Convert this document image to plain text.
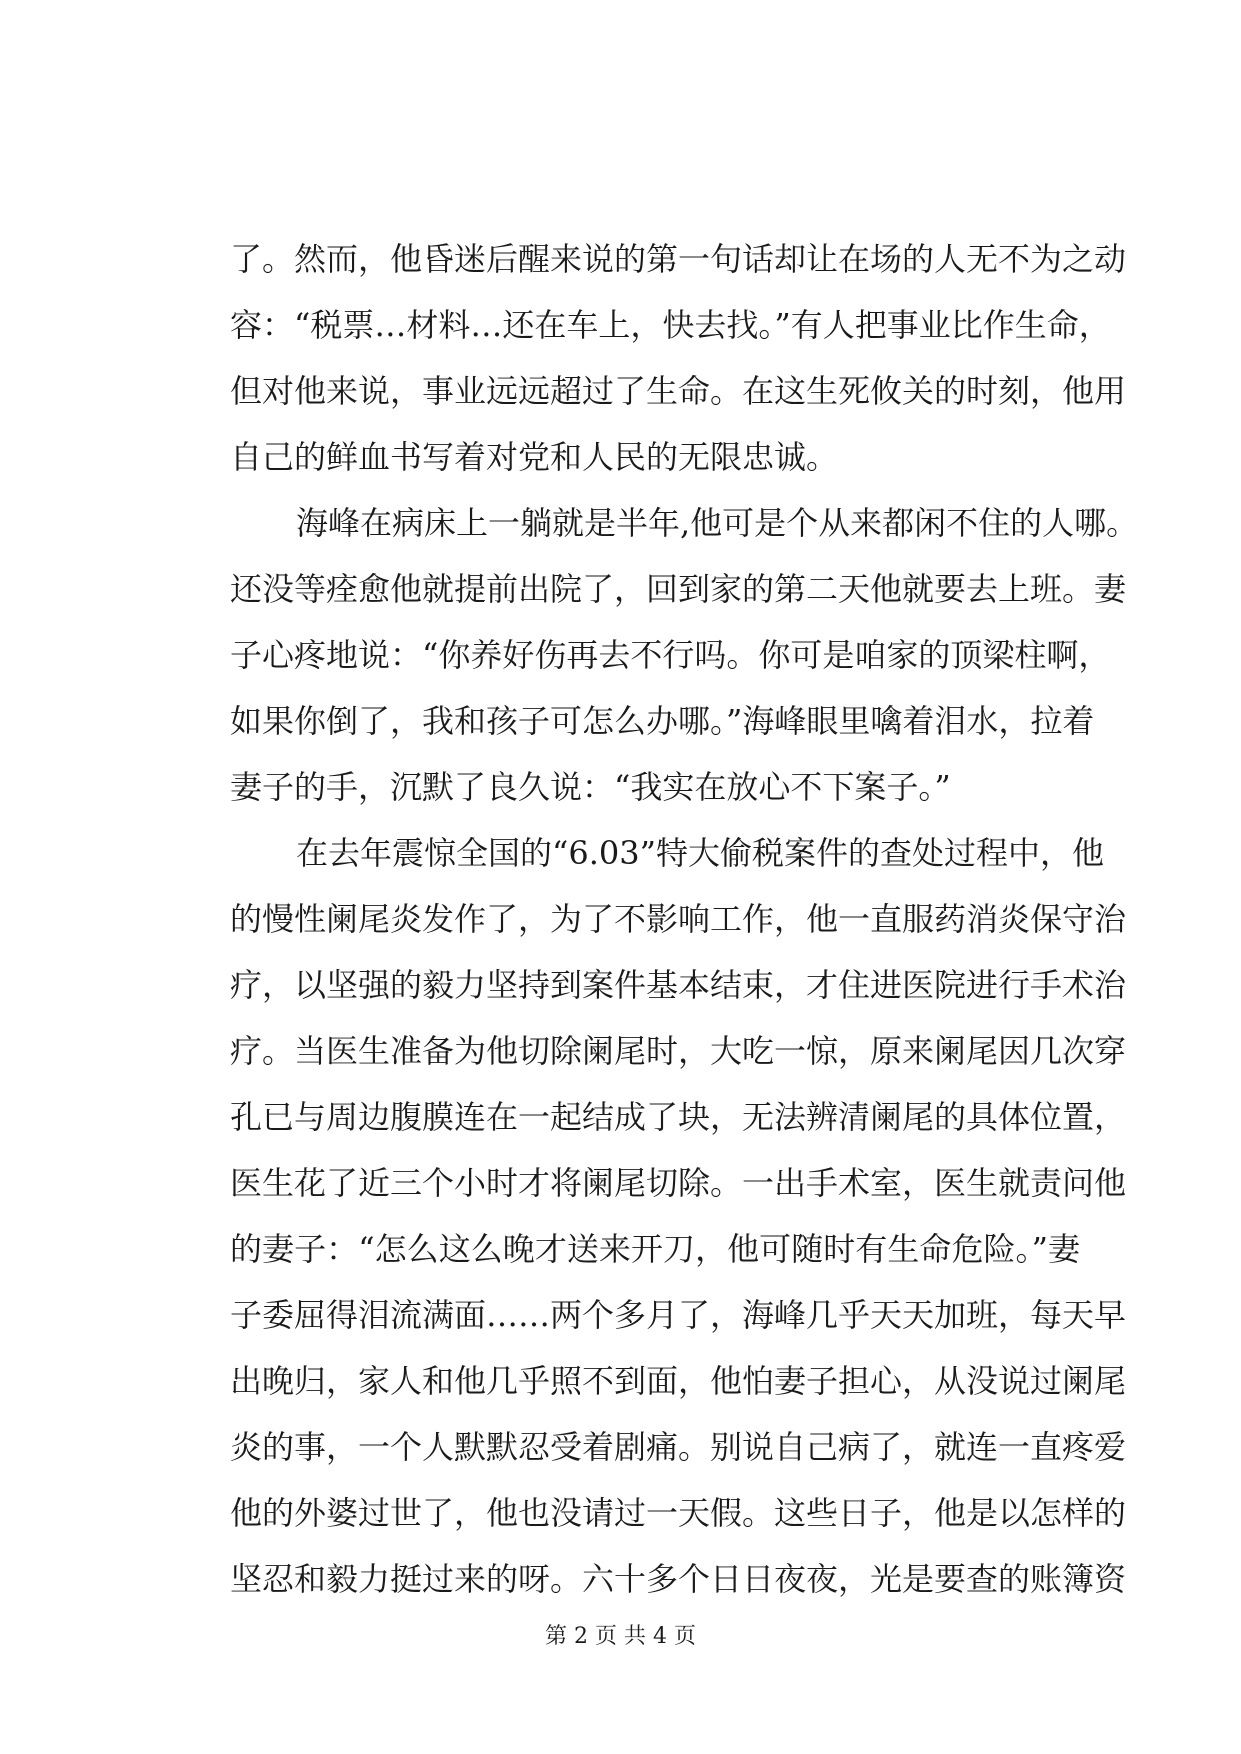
了。然而，他昏迷后醒来说的第一句话却让在场的人无不为之动
容：“税票…材料…还在车上，快去找。”有人把事业比作生命，
但对他来说，事业远远超过了生命。在这生死攸关的时刻，他用
自己的鲜血书写着对党和人民的无限忠诚。
海峰在病床上一躺就是半年,他可是个从来都闲不住的人哪。
还没等痊愈他就提前出院了，回到家的第二天他就要去上班。妻
子心疼地说：“你养好伤再去不行吗。你可是咱家的顶梁柱啊，
如果你倒了，我和孩子可怎么办哪。”海峰眼里噙着泪水，拉着
妻子的手，沉默了良久说：“我实在放心不下案子。”
在去年震惊全国的“6.03”特大偷税案件的查处过程中，他
的慢性阑尾炎发作了，为了不影响工作，他一直服药消炎保守治
疗，以坚强的毅力坚持到案件基本结束，才住进医院进行手术治
疗。当医生准备为他切除阑尾时，大吃一惊，原来阑尾因几次穿
孔已与周边腹膜连在一起结成了块，无法辨清阑尾的具体位置，
医生花了近三个小时才将阑尾切除。一出手术室，医生就责问他
的妻子：“怎么这么晚才送来开刀，他可随时有生命危险。”妻
子委屈得泪流满面……两个多月了，海峰几乎天天加班，每天早
出晚归，家人和他几乎照不到面，他怕妻子担心，从没说过阑尾
炎的事，一个人默默忍受着剧痛。别说自己病了，就连一直疼爱
他的外婆过世了，他也没请过一天假。这些日子，他是以怎样的
坚忍和毅力挺过来的呀。六十多个日日夜夜，光是要查的账簿资
第 2 页 共 4 页
